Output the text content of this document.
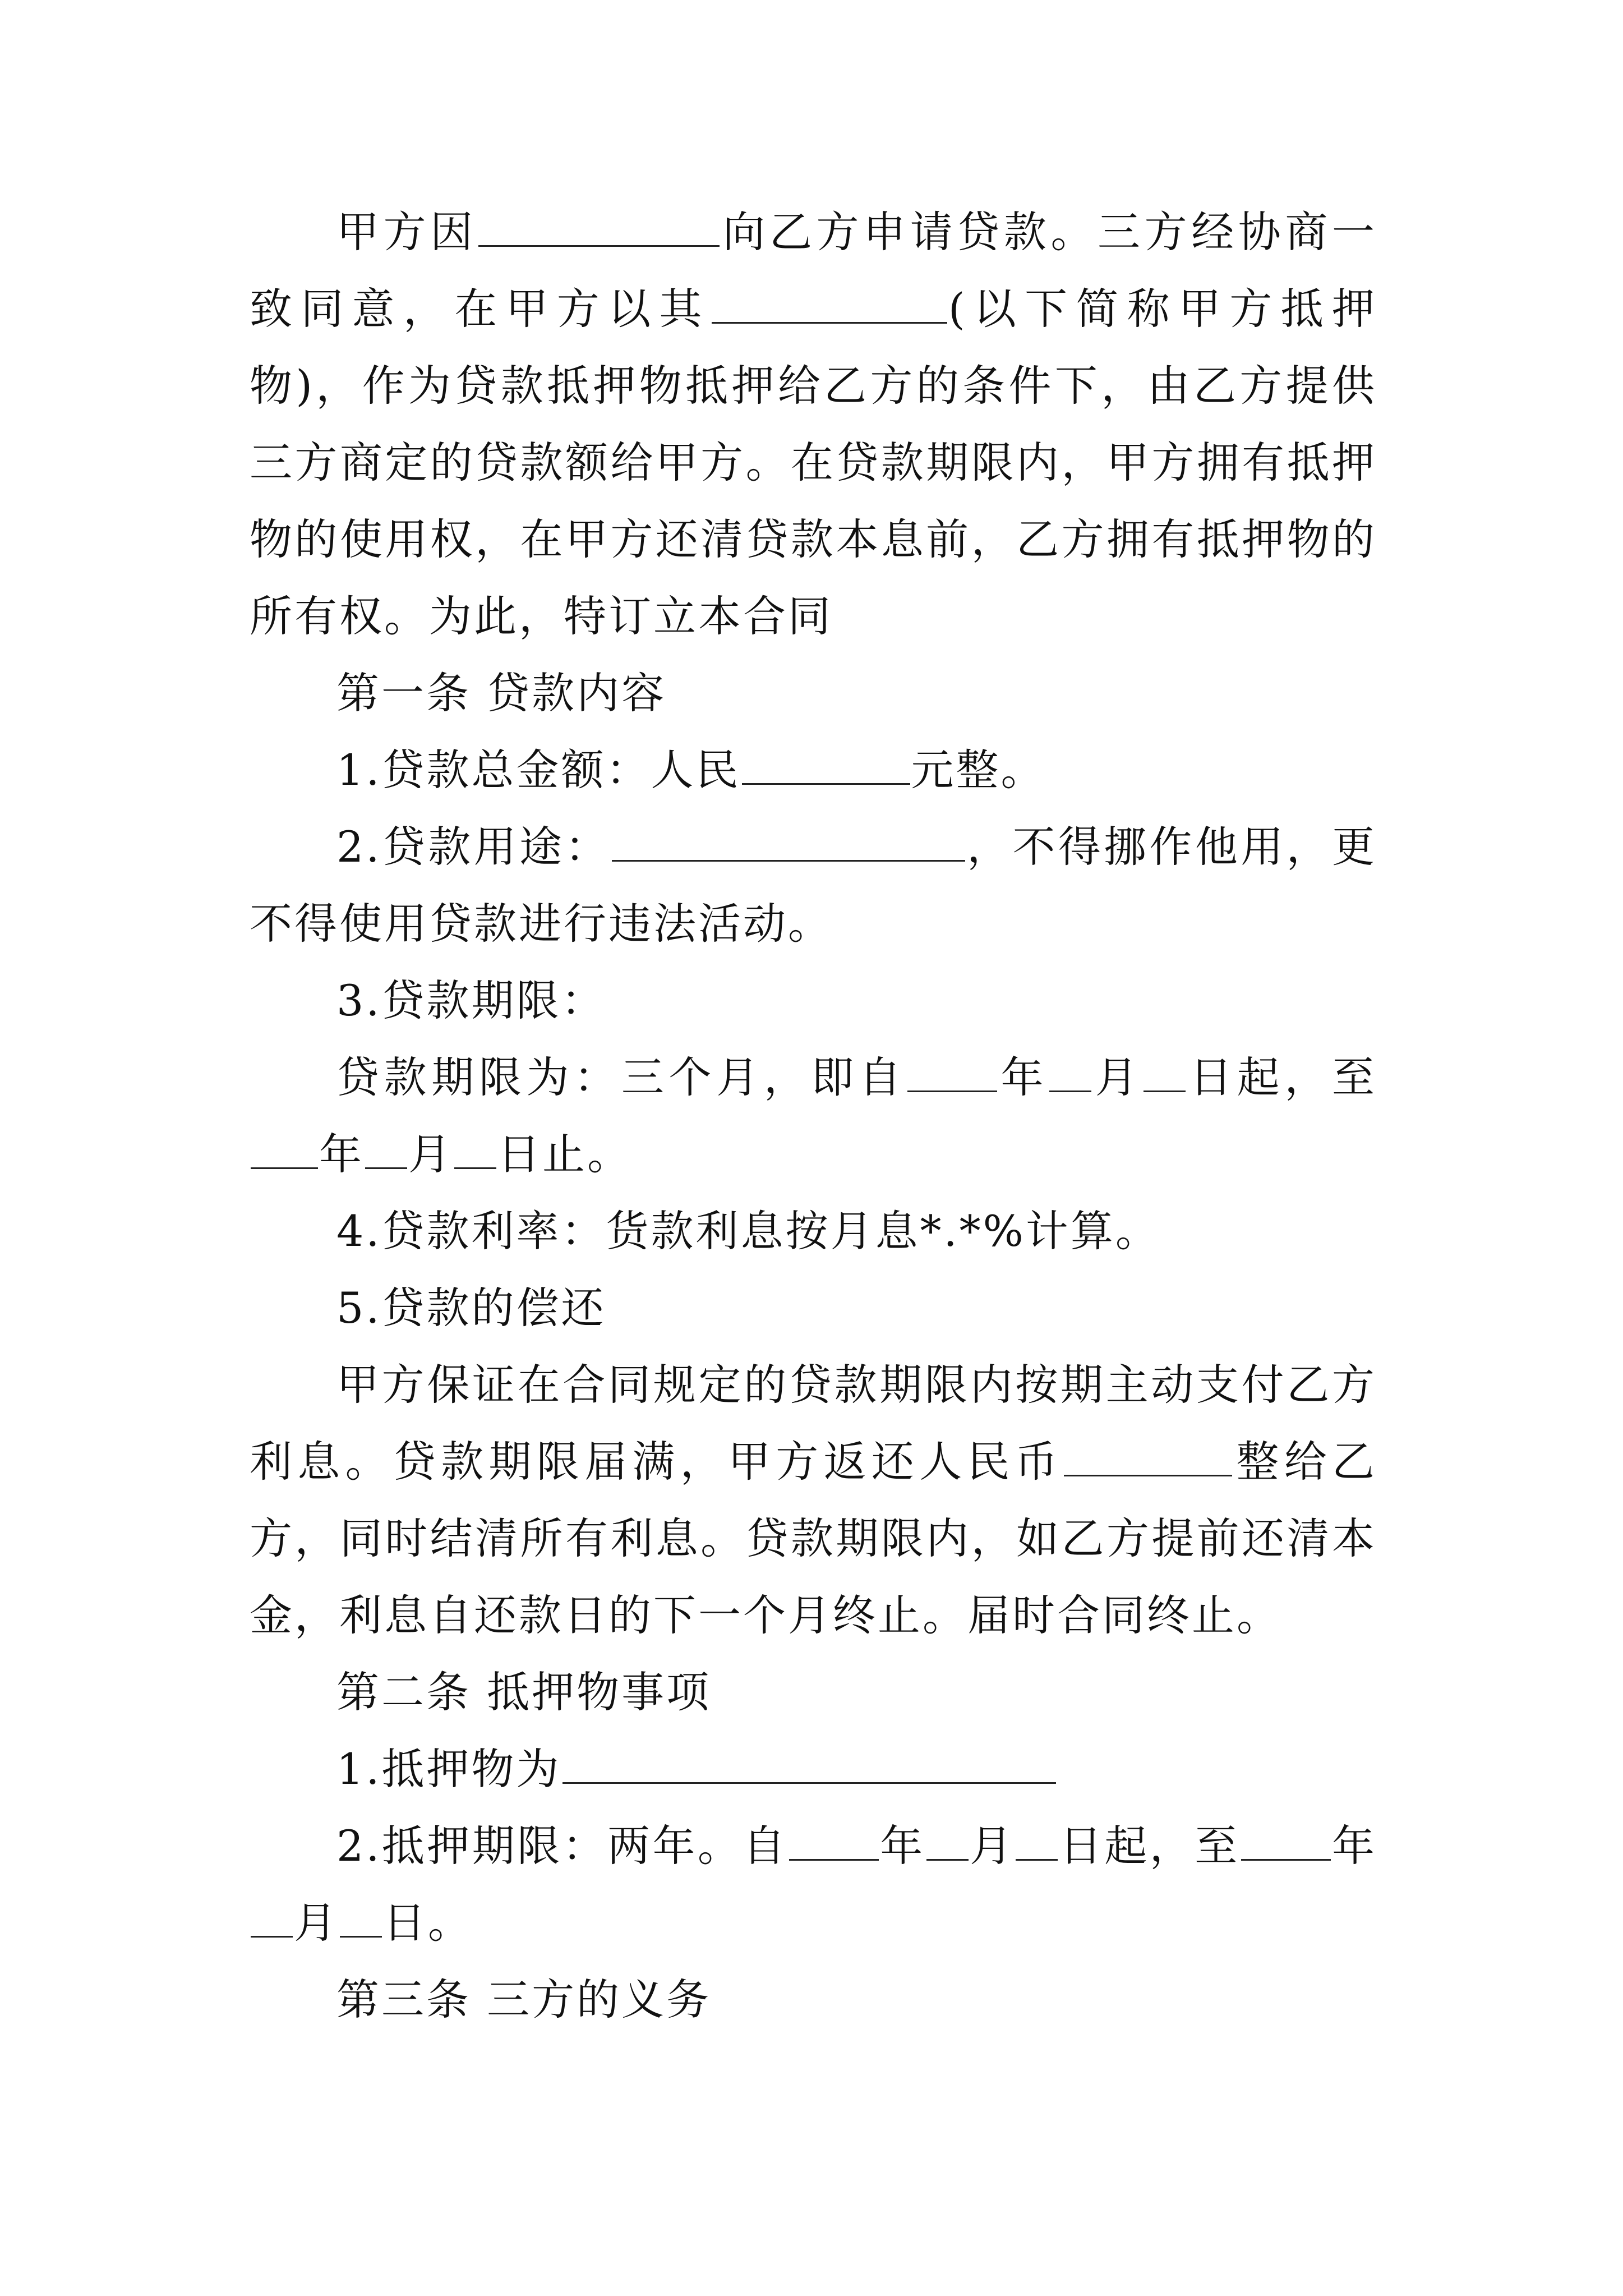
甲方因	向乙方申请贷款。三方经协商一致同意，在甲方以其	(以下简称甲方抵押物)，作为贷款抵押物抵押给乙方的条件下，由乙方提供三方商定的贷款额给甲方。在贷款期限内，甲方拥有抵押物的使用权，在甲方还清贷款本息前，乙方拥有抵押物的所有权。为此，特订立本合同

第一条 贷款内容

1.贷款总金额：人民	元整。

2.贷款用途：	，不得挪作他用，更不得使用贷款进行违法活动。

3.贷款期限：

贷款期限为：三个月，即自 年 月 日起，至年 月 日止。

4.贷款利率：货款利息按月息*.*%计算。

5.贷款的偿还

甲方保证在合同规定的贷款期限内按期主动支付乙方利息。贷款期限届满，甲方返还人民币	整给乙方，同时结清所有利息。贷款期限内，如乙方提前还清本金，利息自还款日的下一个月终止。届时合同终止。

第二条 抵押物事项

1.抵押物为

2.抵押期限：两年。自 年 月 日起，至 年月 日。

第三条 三方的义务
